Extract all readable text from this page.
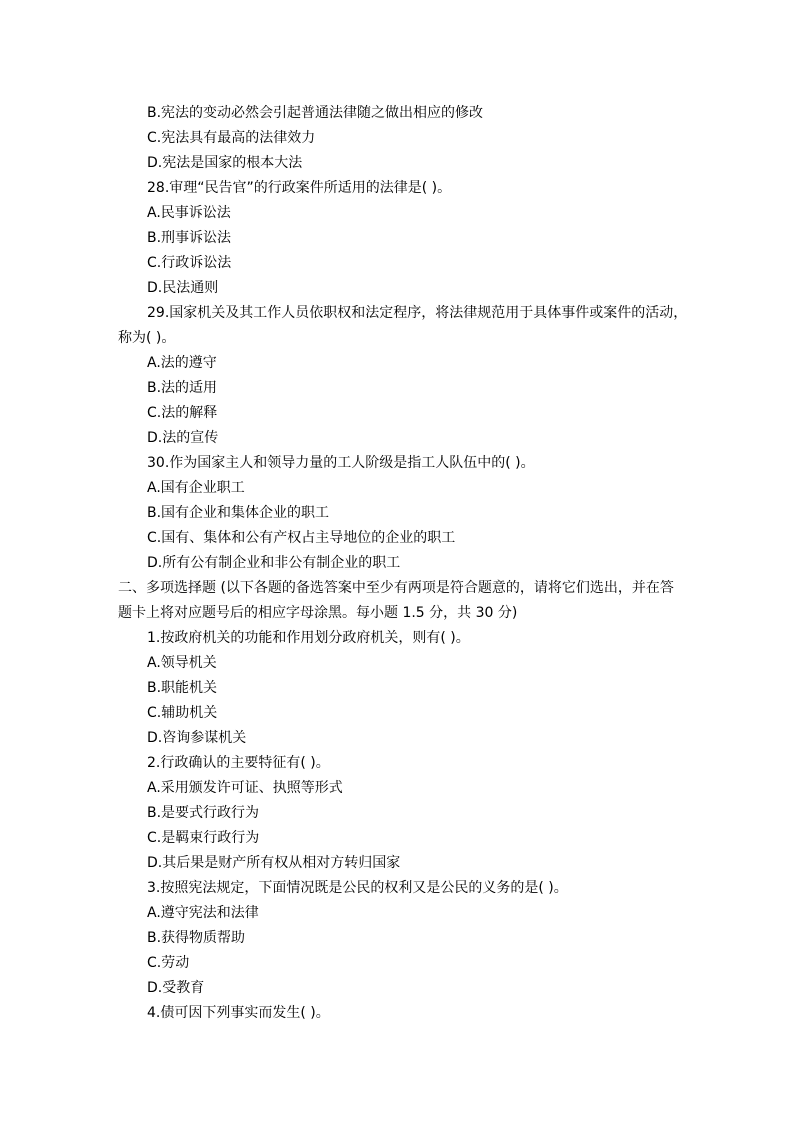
B.宪法的变动必然会引起普通法律随之做出相应的修改
C.宪法具有最高的法律效力
D.宪法是国家的根本大法
28.审理“民告官”的行政案件所适用的法律是( )。
A.民事诉讼法
B.刑事诉讼法
C.行政诉讼法
D.民法通则
29.国家机关及其工作人员依职权和法定程序，将法律规范用于具体事件或案件的活动，
称为( )。
A.法的遵守
B.法的适用
C.法的解释
D.法的宣传
30.作为国家主人和领导力量的工人阶级是指工人队伍中的( )。
A.国有企业职工
B.国有企业和集体企业的职工
C.国有、集体和公有产权占主导地位的企业的职工
D.所有公有制企业和非公有制企业的职工
二、多项选择题 (以下各题的备选答案中至少有两项是符合题意的，请将它们选出，并在答
题卡上将对应题号后的相应字母涂黑。每小题 1.5 分，共 30 分)
1.按政府机关的功能和作用划分政府机关，则有( )。
A.领导机关
B.职能机关
C.辅助机关
D.咨询参谋机关
2.行政确认的主要特征有( )。
A.采用颁发许可证、执照等形式
B.是要式行政行为
C.是羁束行政行为
D.其后果是财产所有权从相对方转归国家
3.按照宪法规定，下面情况既是公民的权利又是公民的义务的是( )。
A.遵守宪法和法律
B.获得物质帮助
C.劳动
D.受教育
4.债可因下列事实而发生( )。
